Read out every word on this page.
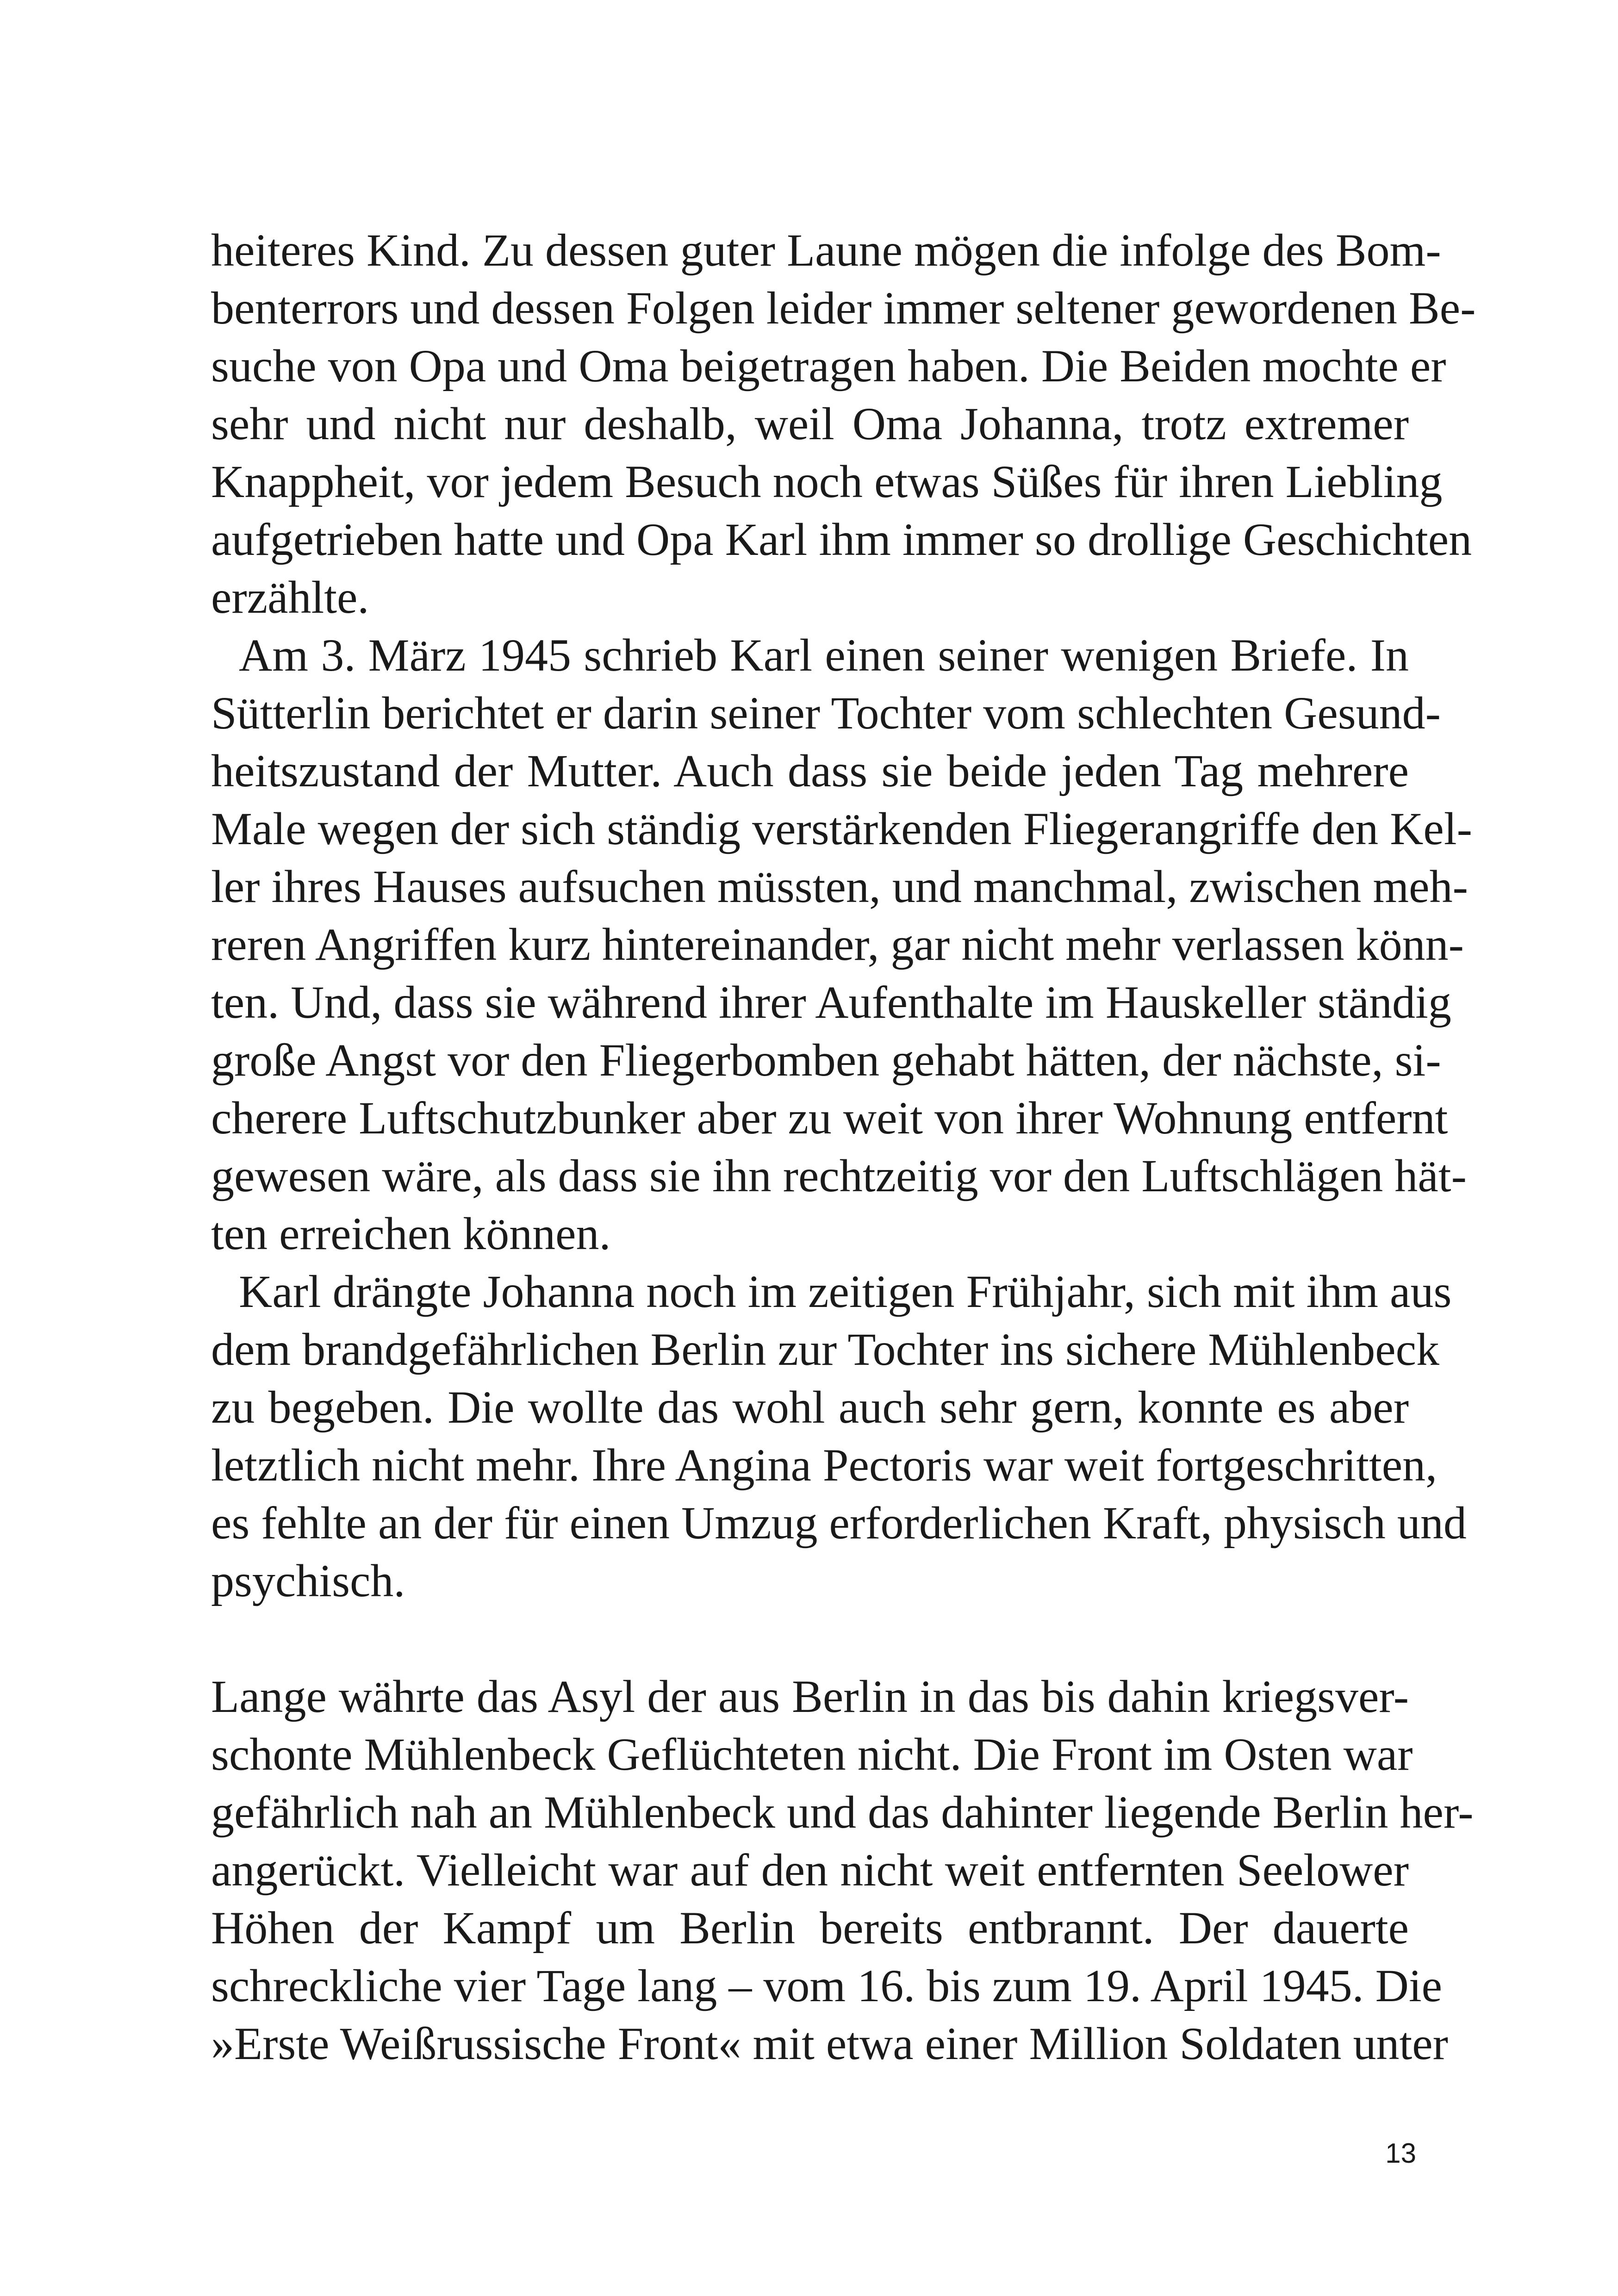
heiteres Kind. Zu dessen guter Laune mögen die infolge des Bom-
benterrors und dessen Folgen leider immer seltener gewordenen Be-
suche von Opa und Oma beigetragen haben. Die Beiden mochte er
sehr und nicht nur deshalb, weil Oma Johanna, trotz extremer
Knappheit, vor jedem Besuch noch etwas Süßes für ihren Liebling
aufgetrieben hatte und Opa Karl ihm immer so drollige Geschichten
erzählte.
Am 3. März 1945 schrieb Karl einen seiner wenigen Briefe. In
Sütterlin berichtet er darin seiner Tochter vom schlechten Gesund-
heitszustand der Mutter. Auch dass sie beide jeden Tag mehrere
Male wegen der sich ständig verstärkenden Fliegerangriffe den Kel-
ler ihres Hauses aufsuchen müssten, und manchmal, zwischen meh-
reren Angriffen kurz hintereinander, gar nicht mehr verlassen könn-
ten. Und, dass sie während ihrer Aufenthalte im Hauskeller ständig
große Angst vor den Fliegerbomben gehabt hätten, der nächste, si-
cherere Luftschutzbunker aber zu weit von ihrer Wohnung entfernt
gewesen wäre, als dass sie ihn rechtzeitig vor den Luftschlägen hät-
ten erreichen können.
Karl drängte Johanna noch im zeitigen Frühjahr, sich mit ihm aus
dem brandgefährlichen Berlin zur Tochter ins sichere Mühlenbeck
zu begeben. Die wollte das wohl auch sehr gern, konnte es aber
letztlich nicht mehr. Ihre Angina Pectoris war weit fortgeschritten,
es fehlte an der für einen Umzug erforderlichen Kraft, physisch und
psychisch.
Lange währte das Asyl der aus Berlin in das bis dahin kriegsver-
schonte Mühlenbeck Geflüchteten nicht. Die Front im Osten war
gefährlich nah an Mühlenbeck und das dahinter liegende Berlin her-
angerückt. Vielleicht war auf den nicht weit entfernten Seelower
Höhen der Kampf um Berlin bereits entbrannt. Der dauerte
schreckliche vier Tage lang – vom 16. bis zum 19. April 1945. Die
»Erste Weißrussische Front« mit etwa einer Million Soldaten unter
13
